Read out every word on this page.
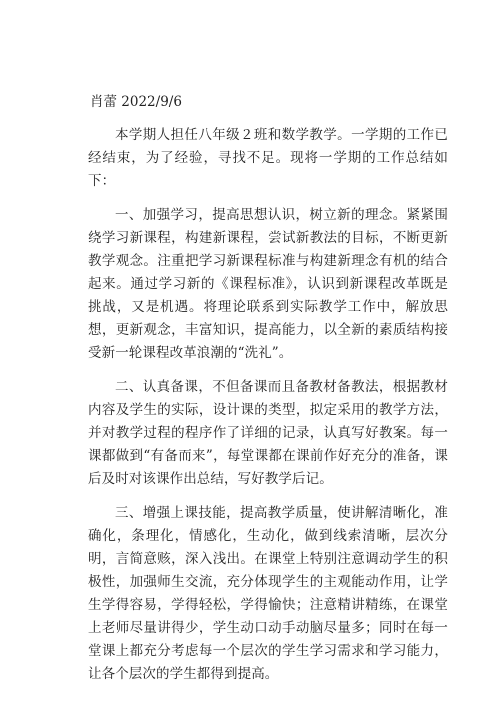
肖蕾 2022/9/6

本学期人担任八年级２班和数学教学。一学期的工作已经结束，为了经验，寻找不足。现将一学期的工作总结如下：

一、加强学习，提高思想认识，树立新的理念。紧紧围绕学习新课程，构建新课程，尝试新教法的目标，不断更新教学观念。注重把学习新课程标准与构建新理念有机的结合起来。通过学习新的《课程标准》，认识到新课程改革既是挑战，又是机遇。将理论联系到实际教学工作中，解放思想，更新观念，丰富知识，提高能力，以全新的素质结构接受新一轮课程改革浪潮的“洗礼”。

二、认真备课，不但备课而且备教材备教法，根据教材内容及学生的实际，设计课的类型，拟定采用的教学方法，并对教学过程的程序作了详细的记录，认真写好教案。每一课都做到“有备而来”，每堂课都在课前作好充分的准备，课后及时对该课作出总结，写好教学后记。

三、增强上课技能，提高教学质量，使讲解清晰化，准确化，条理化，情感化，生动化，做到线索清晰，层次分明，言简意赅，深入浅出。在课堂上特别注意调动学生的积极性，加强师生交流，充分体现学生的主观能动作用，让学生学得容易，学得轻松，学得愉快；注意精讲精练，在课堂上老师尽量讲得少，学生动口动手动脑尽量多；同时在每一堂课上都充分考虑每一个层次的学生学习需求和学习能力，让各个层次的学生都得到提高。
